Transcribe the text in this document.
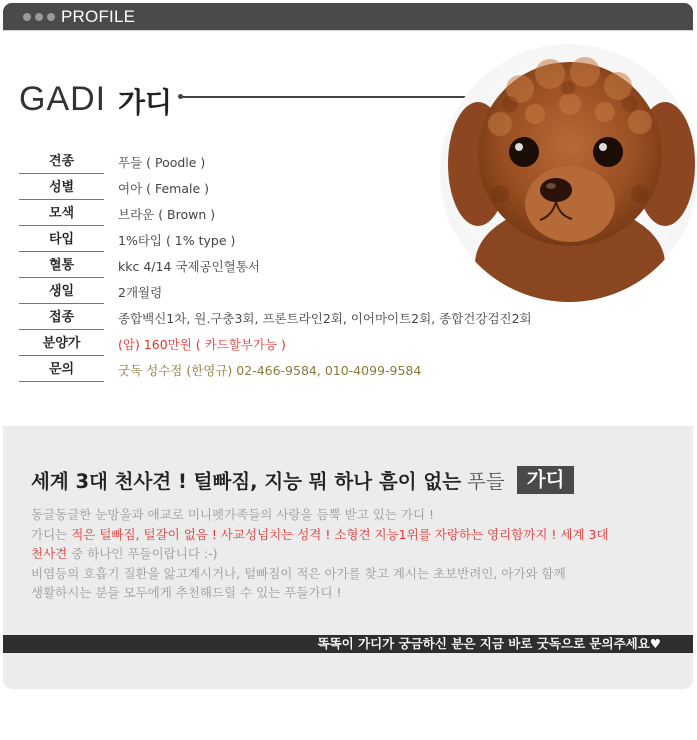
PROFILE
GADI 가디
견종	푸들 ( Poodle )
성별	여아 ( Female )
모색	브라운 ( Brown )
타입	1%타입 ( 1% type )
혈통	kkc 4/14 국제공인혈통서
생일	2개월령
접종	종합백신1차, 원.구충3회, 프론트라인2회, 이어마이트2회, 종합건강검진2회
분양가	(암) 160만원 ( 카드할부가능 )
문의	굿독 성수점 (한영규) 02-466-9584, 010-4099-9584
세계 3대 천사견 ! 털빠짐, 지능 뭐 하나 흠이 없는 푸들	가디
동글동글한 눈망울과 애교로 미니펫가족들의 사랑을 듬뿍 받고 있는 가디 !
가디는 적은 털빠짐, 털갈이 없음 ! 사교성넘치는 성격 ! 소형견 지능1위를 자랑하는 영리함까지 ! 세계 3대
천사견 중 하나인 푸들이랍니다 :-)
비염등의 호흡기 질환을 앓고계시거나, 털빠짐이 적은 아가를 찾고 계시는 초보반려인, 아가와 함께
생활하시는 분들 모두에게 추천해드릴 수 있는 푸들가디 !
똑똑이 가디가 궁금하신 분은 지금 바로 굿독으로 문의주세요♥
